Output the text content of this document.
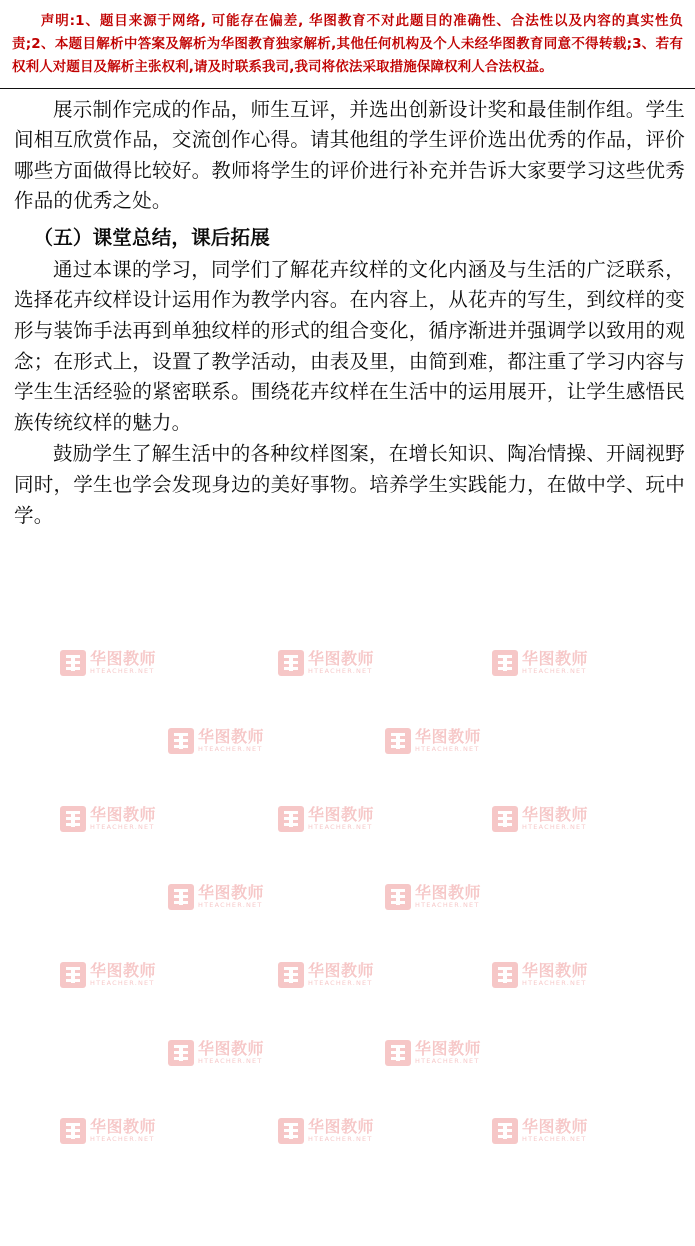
华图教师
HTEACHER.NET
华图教师
HTEACHER.NET
华图教师
HTEACHER.NET
华图教师
HTEACHER.NET
华图教师
HTEACHER.NET
华图教师
HTEACHER.NET
华图教师
HTEACHER.NET
华图教师
HTEACHER.NET
华图教师
HTEACHER.NET
华图教师
HTEACHER.NET
华图教师
HTEACHER.NET
华图教师
HTEACHER.NET
华图教师
HTEACHER.NET
华图教师
HTEACHER.NET
华图教师
HTEACHER.NET
华图教师
HTEACHER.NET
华图教师
HTEACHER.NET
华图教师
HTEACHER.NET

声明:1、题目来源于网络, 可能存在偏差, 华图教育不对此题目的准确性、合法性以及内容的真实性负责;2、本题目解析中答案及解析为华图教育独家解析,其他任何机构及个人未经华图教育同意不得转载;3、若有权利人对题目及解析主张权利,请及时联系我司,我司将依法采取措施保障权利人合法权益。

展示制作完成的作品，师生互评，并选出创新设计奖和最佳制作组。学生间相互欣赏作品，交流创作心得。请其他组的学生评价选出优秀的作品，评价哪些方面做得比较好。教师将学生的评价进行补充并告诉大家要学习这些优秀作品的优秀之处。

（五）课堂总结，课后拓展

通过本课的学习，同学们了解花卉纹样的文化内涵及与生活的广泛联系，选择花卉纹样设计运用作为教学内容。在内容上，从花卉的写生，到纹样的变形与装饰手法再到单独纹样的形式的组合变化，循序渐进并强调学以致用的观念；在形式上，设置了教学活动，由表及里，由简到难，都注重了学习内容与学生生活经验的紧密联系。围绕花卉纹样在生活中的运用展开，让学生感悟民族传统纹样的魅力。

鼓励学生了解生活中的各种纹样图案，在增长知识、陶冶情操、开阔视野同时，学生也学会发现身边的美好事物。培养学生实践能力，在做中学、玩中学。
